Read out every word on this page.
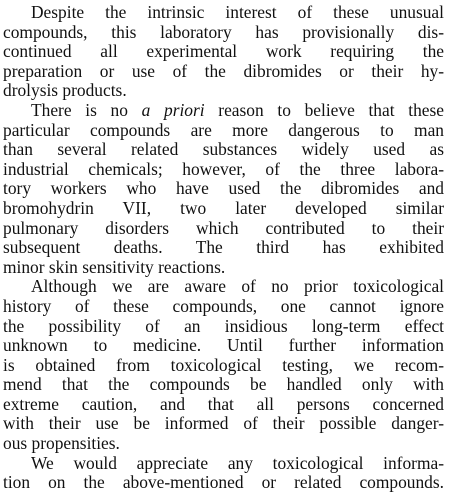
Despite the intrinsic interest of these unusual
compounds, this laboratory has provisionally dis-
continued all experimental work requiring the
preparation or use of the dibromides or their hy-
drolysis products.
There is no a priori reason to believe that these
particular compounds are more dangerous to man
than several related substances widely used as
industrial chemicals; however, of the three labora-
tory workers who have used the dibromides and
bromohydrin VII, two later developed similar
pulmonary disorders which contributed to their
subsequent deaths. The third has exhibited
minor skin sensitivity reactions.
Although we are aware of no prior toxicological
history of these compounds, one cannot ignore
the possibility of an insidious long-term effect
unknown to medicine. Until further information
is obtained from toxicological testing, we recom-
mend that the compounds be handled only with
extreme caution, and that all persons concerned
with their use be informed of their possible danger-
ous propensities.
We would appreciate any toxicological informa-
tion on the above-mentioned or related compounds.
